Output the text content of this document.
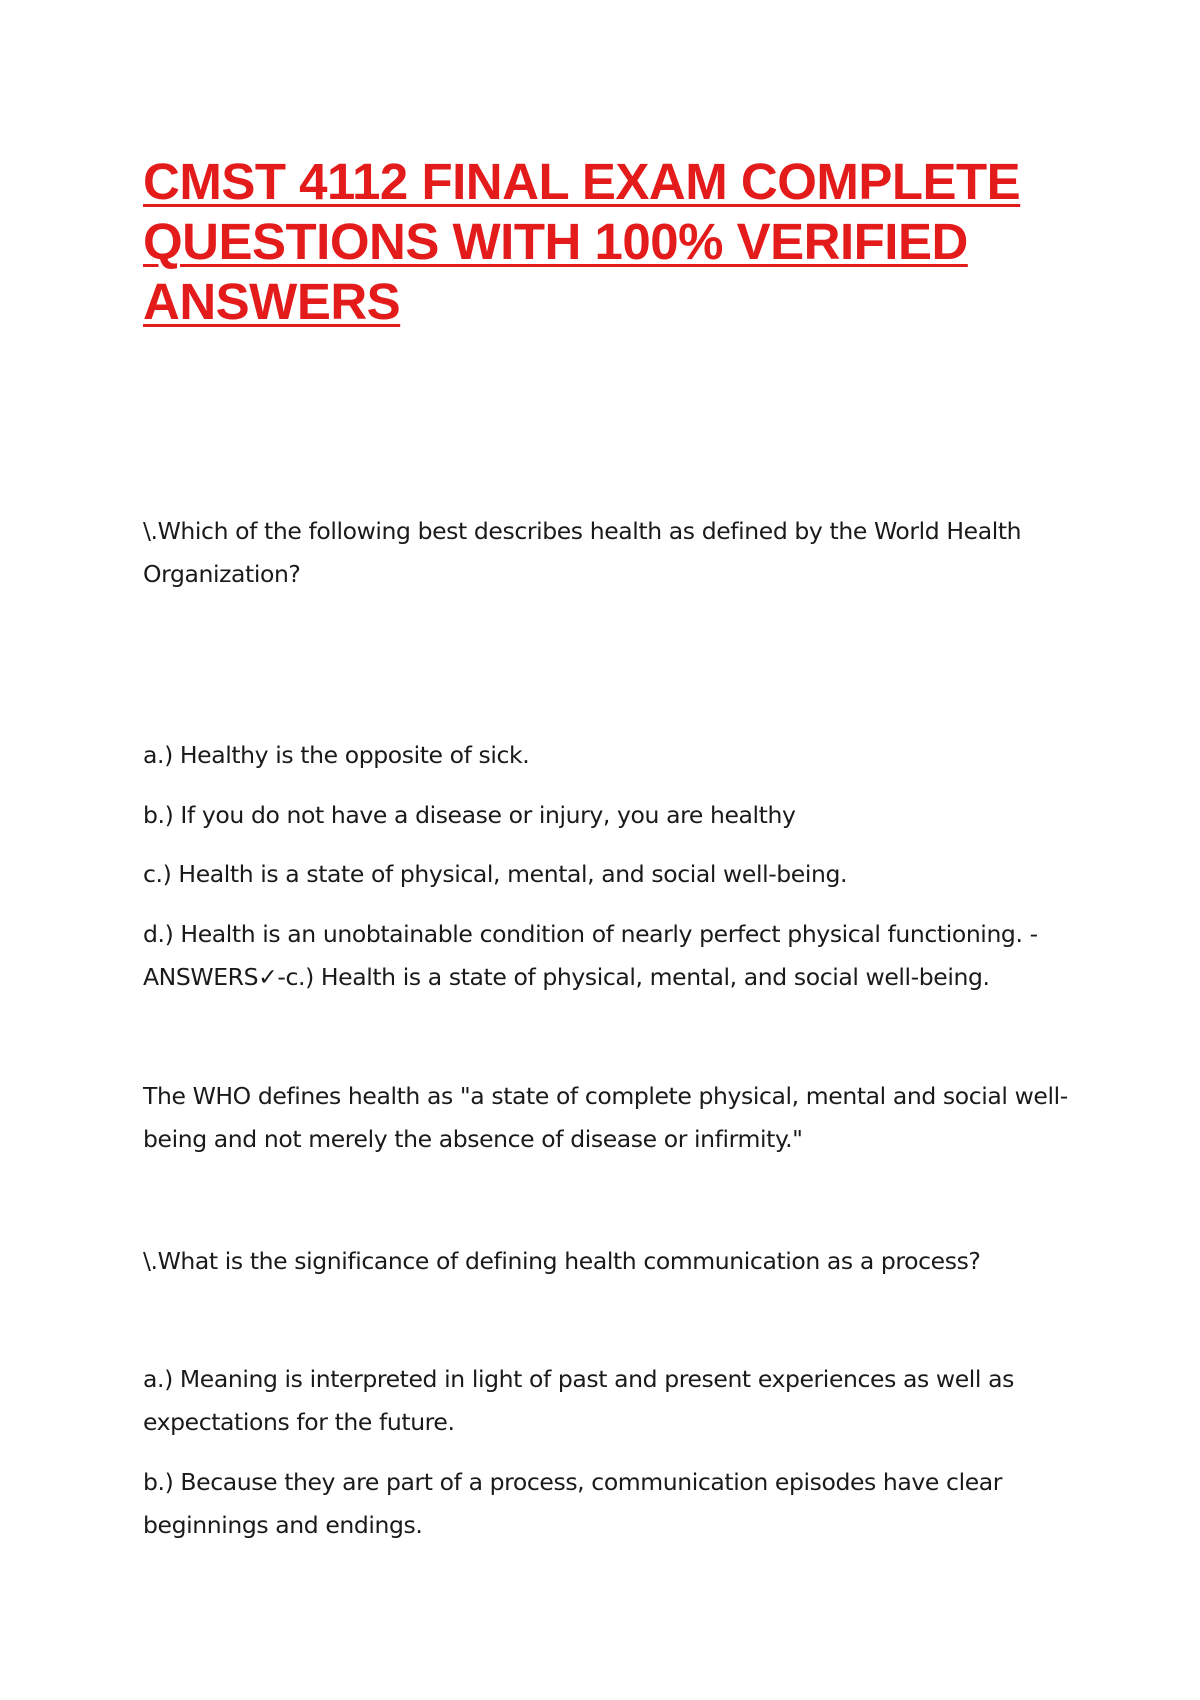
CMST 4112 FINAL EXAM COMPLETE
QUESTIONS WITH 100% VERIFIED
ANSWERS

\.Which of the following best describes health as defined by the World Health
Organization?

a.) Healthy is the opposite of sick.

b.) If you do not have a disease or injury, you are healthy

c.) Health is a state of physical, mental, and social well-being.

d.) Health is an unobtainable condition of nearly perfect physical functioning. -
ANSWERS✓-c.) Health is a state of physical, mental, and social well-being.

The WHO defines health as "a state of complete physical, mental and social well-
being and not merely the absence of disease or infirmity."

\.What is the significance of defining health communication as a process?

a.) Meaning is interpreted in light of past and present experiences as well as
expectations for the future.

b.) Because they are part of a process, communication episodes have clear
beginnings and endings.
